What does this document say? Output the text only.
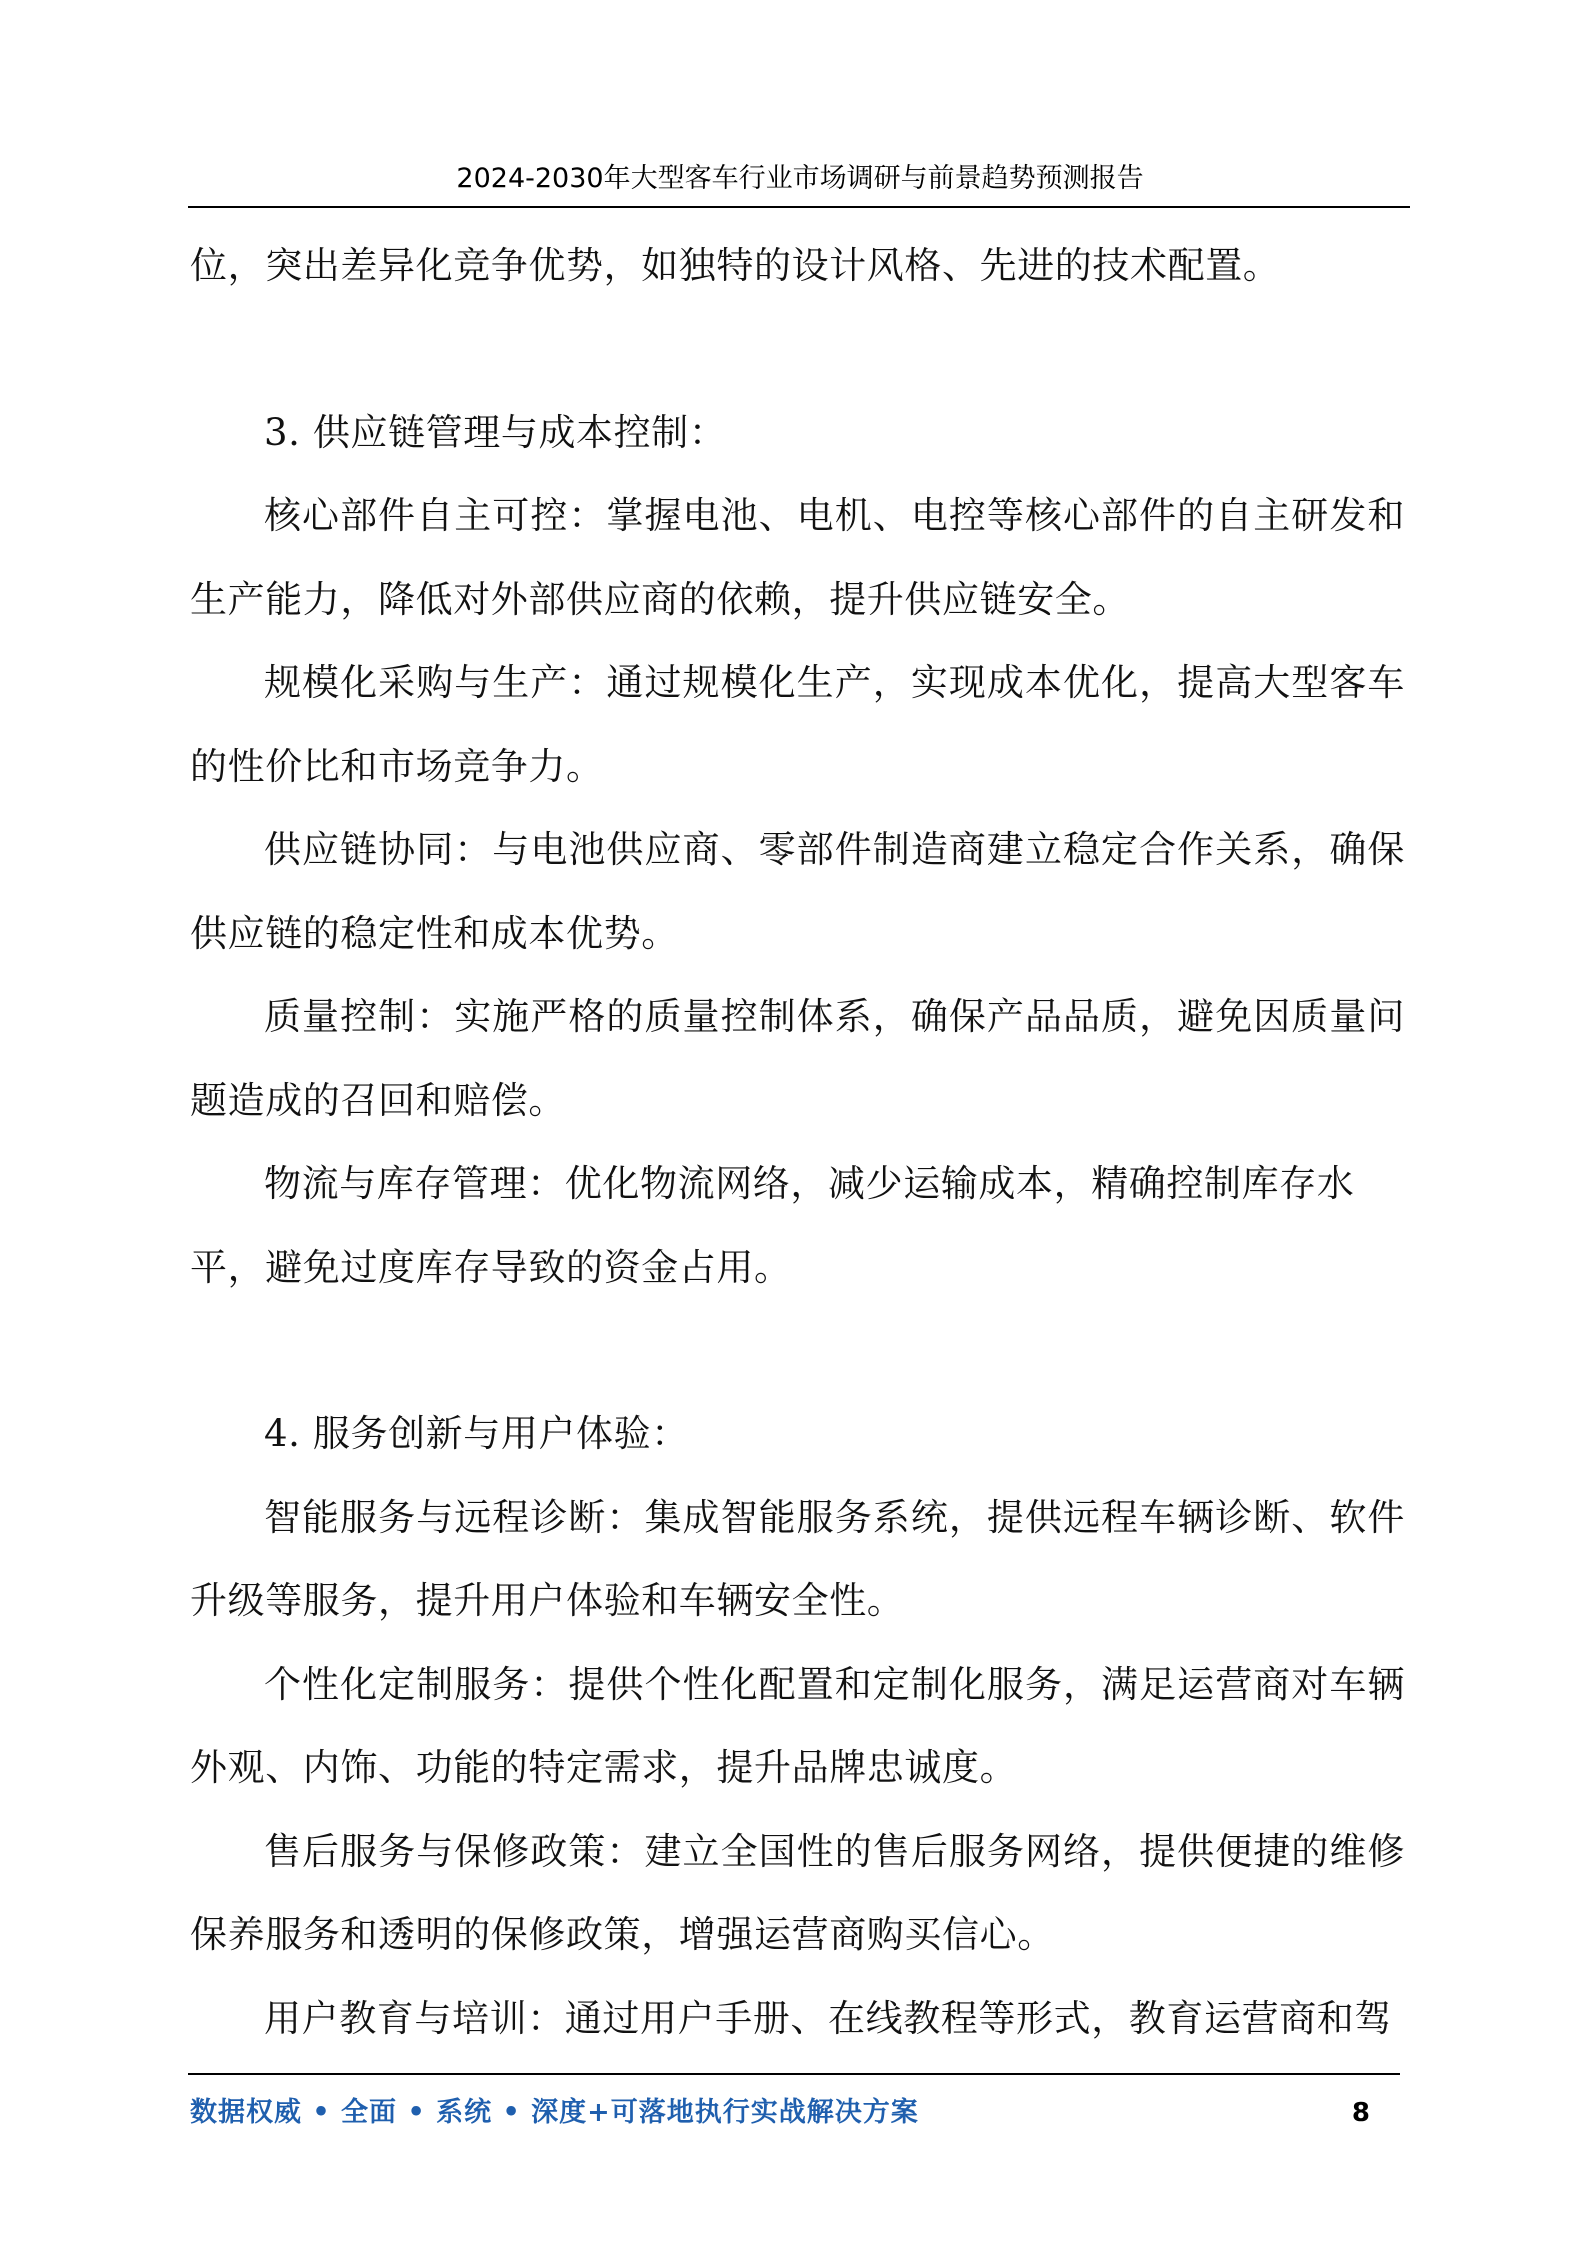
2024-2030年大型客车行业市场调研与前景趋势预测报告

位，突出差异化竞争优势，如独特的设计风格、先进的技术配置。

3. 供应链管理与成本控制：

核心部件自主可控：掌握电池、电机、电控等核心部件的自主研发和生产能力，降低对外部供应商的依赖，提升供应链安全。

规模化采购与生产：通过规模化生产，实现成本优化，提高大型客车的性价比和市场竞争力。

供应链协同：与电池供应商、零部件制造商建立稳定合作关系，确保供应链的稳定性和成本优势。

质量控制：实施严格的质量控制体系，确保产品品质，避免因质量问题造成的召回和赔偿。

物流与库存管理：优化物流网络，减少运输成本，精确控制库存水

平，避免过度库存导致的资金占用。

4. 服务创新与用户体验：

智能服务与远程诊断：集成智能服务系统，提供远程车辆诊断、软件升级等服务，提升用户体验和车辆安全性。

个性化定制服务：提供个性化配置和定制化服务，满足运营商对车辆外观、内饰、功能的特定需求，提升品牌忠诚度。

售后服务与保修政策：建立全国性的售后服务网络，提供便捷的维修保养服务和透明的保修政策，增强运营商购买信心。

用户教育与培训：通过用户手册、在线教程等形式，教育运营商和驾

数据权威 • 全面 • 系统 • 深度+可落地执行实战解决方案	8
